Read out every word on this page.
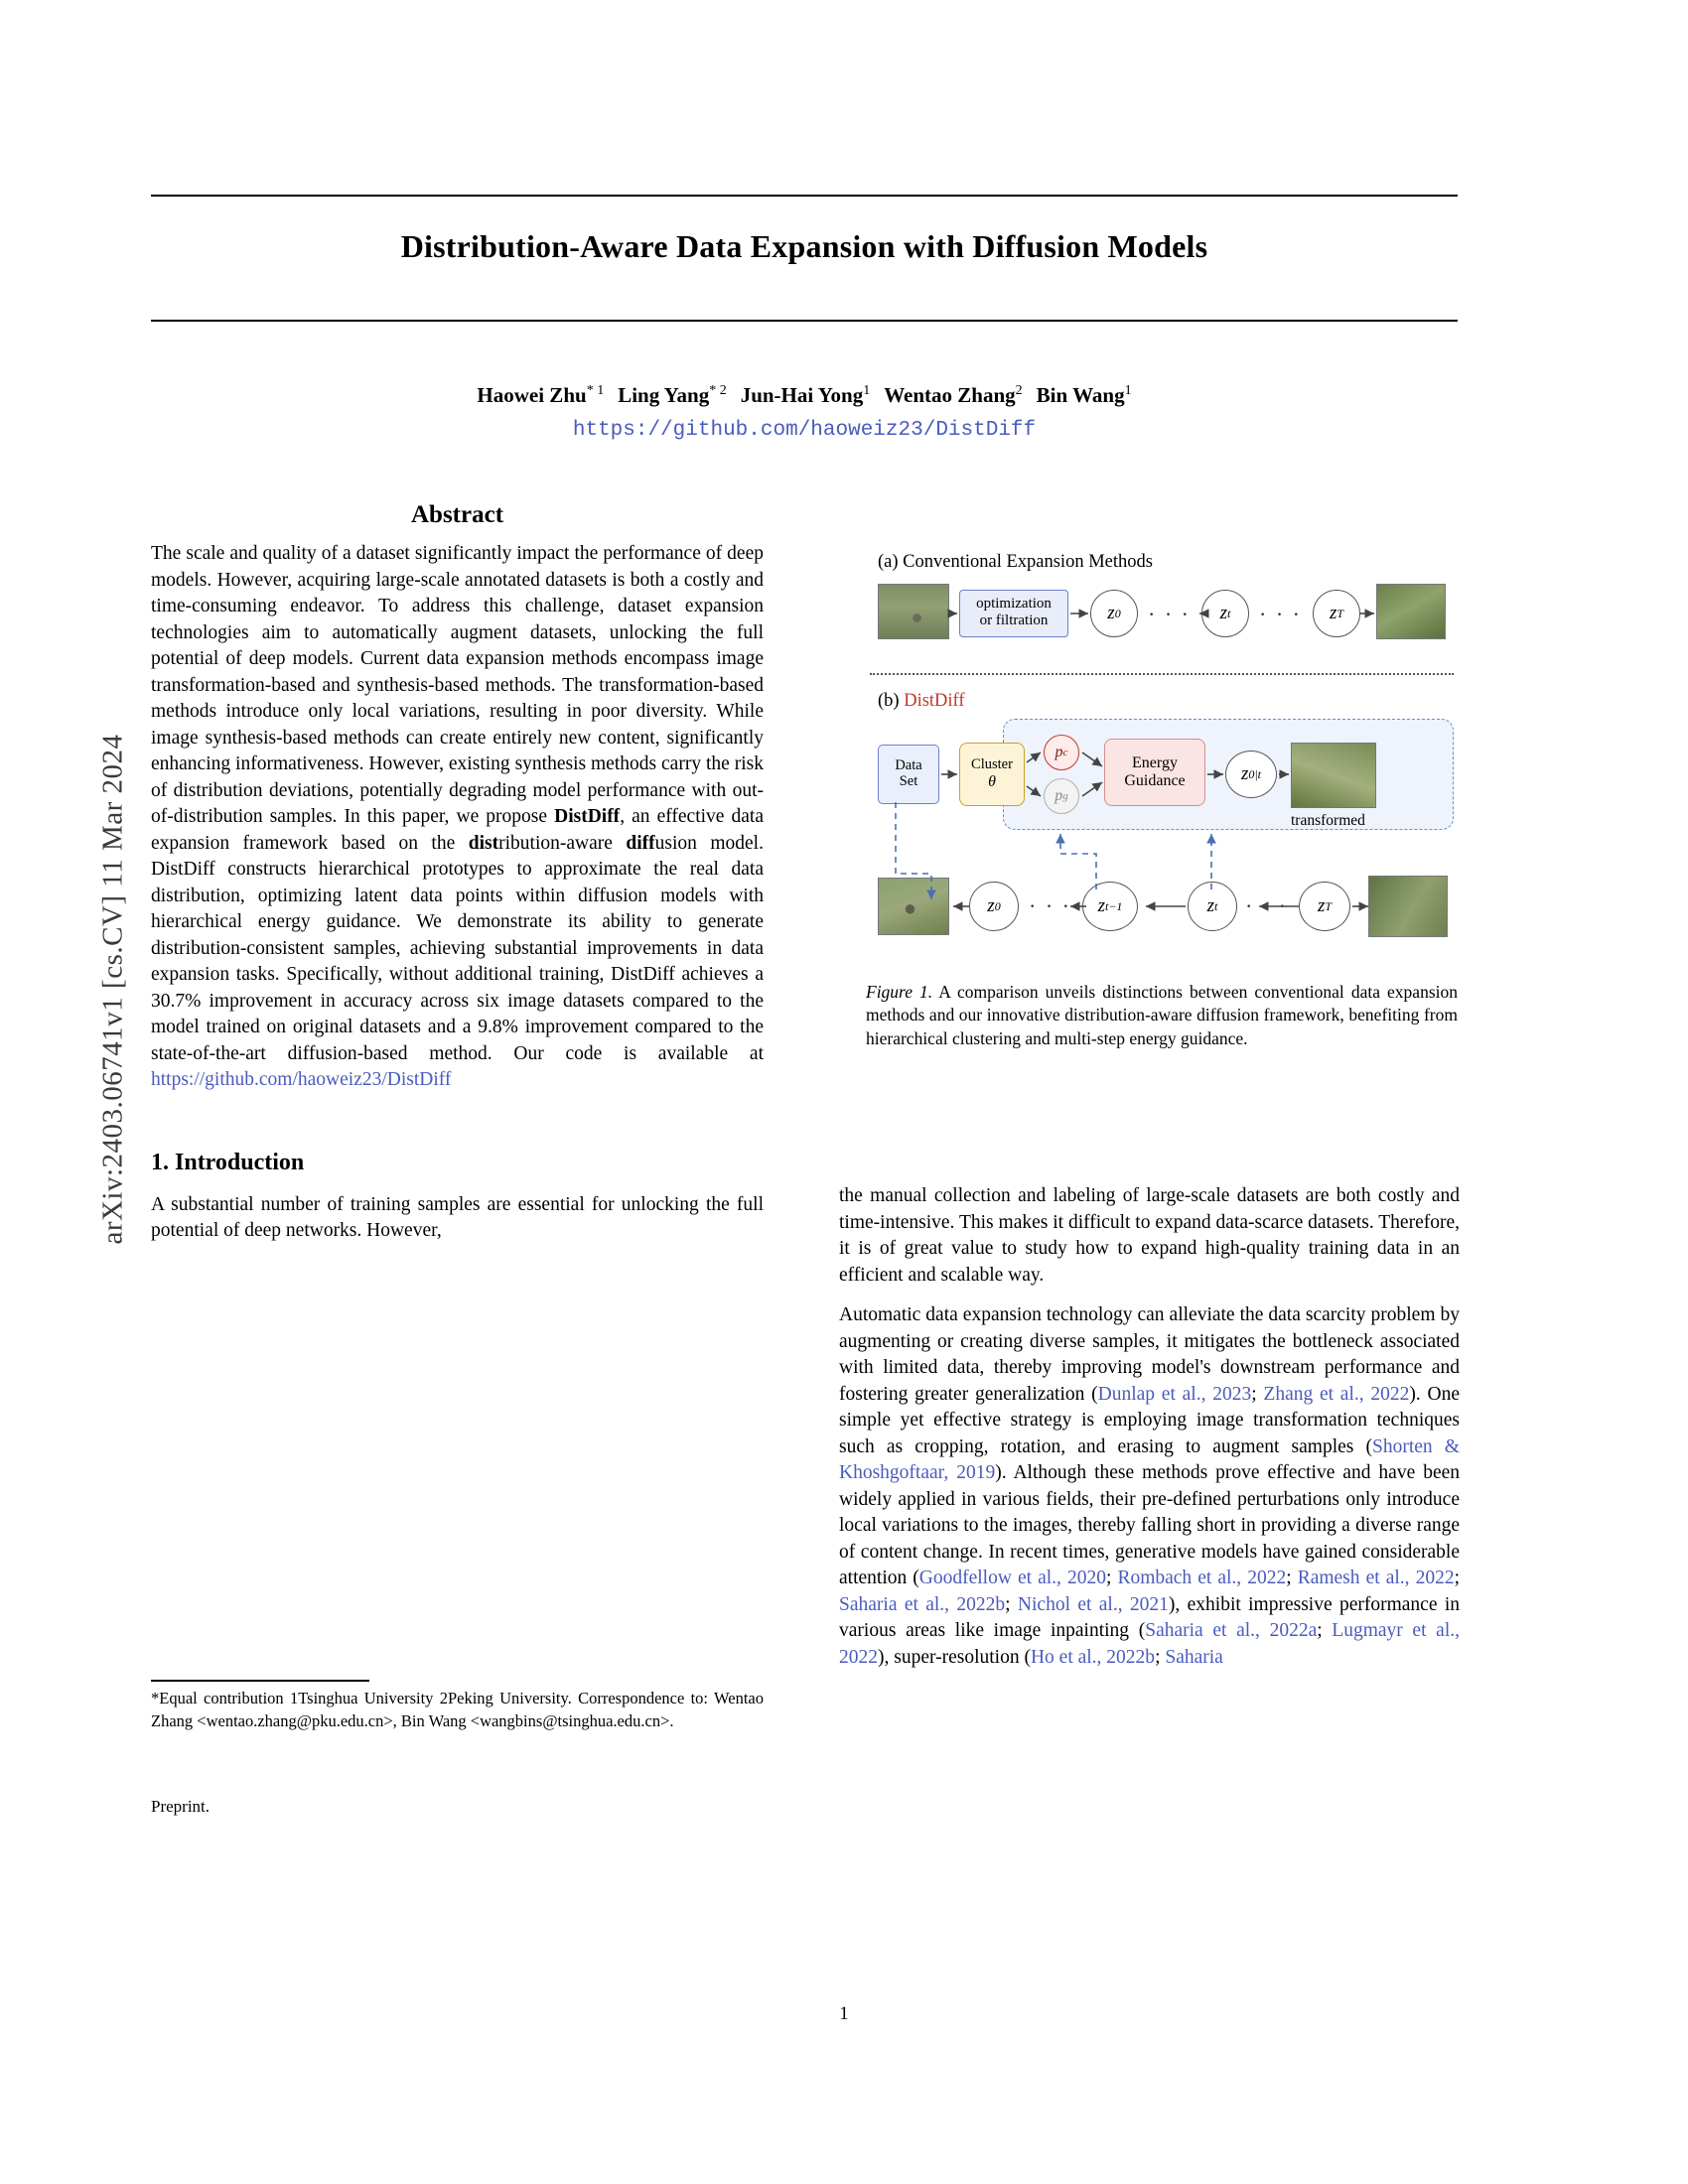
arXiv:2403.06741v1 [cs.CV] 11 Mar 2024
Distribution-Aware Data Expansion with Diffusion Models
Haowei Zhu$^{* 1}$ Ling Yang$^{* 2}$ Jun-Hai Yong$^1$ Wentao Zhang$^2$ Bin Wang$^1$
https://github.com/haoweiz23/DistDiff
Abstract

The scale and quality of a dataset significantly impact the performance of deep models. However, acquiring large-scale annotated datasets is both a costly and time-consuming endeavor. To address this challenge, dataset expansion technologies aim to automatically augment datasets, unlocking the full potential of deep models. Current data expansion methods encompass image transformation-based and synthesis-based methods. The transformation-based methods introduce only local variations, resulting in poor diversity. While image synthesis-based methods can create entirely new content, significantly enhancing informativeness. However, existing synthesis methods carry the risk of distribution deviations, potentially degrading model performance with out-of-distribution samples. In this paper, we propose DistDiff, an effective data expansion framework based on the distribution-aware diffusion model. DistDiff constructs hierarchical prototypes to approximate the real data distribution, optimizing latent data points within diffusion models with hierarchical energy guidance. We demonstrate its ability to generate distribution-consistent samples, achieving substantial improvements in data expansion tasks. Specifically, without additional training, DistDiff achieves a 30.7% improvement in accuracy across six image datasets compared to the model trained on original datasets and a 9.8% improvement compared to the state-of-the-art diffusion-based method. Our code is available at https://github.com/haoweiz23/DistDiff

1. Introduction

A substantial number of training samples are essential for unlocking the full potential of deep networks. However,

*Equal contribution 1Tsinghua University 2Peking University. Correspondence to: Wentao Zhang <wentao.zhang@pku.edu.cn>, Bin Wang <wangbins@tsinghua.edu.cn>.
Preprint.
(a) Conventional Expansion Methods
optimization
or filtration	z 0 · · ·	z t · · ·	z T
(b) DistDiff
Data
Set
Cluster
θ
p c
p g
Energy
Guidance	z 0|t
transformed
z 0 · · ·	z t−1	z t · · ·	z T
Figure 1. A comparison unveils distinctions between conventional data expansion methods and our innovative distribution-aware diffusion framework, benefiting from hierarchical clustering and multi-step energy guidance.

the manual collection and labeling of large-scale datasets are both costly and time-intensive. This makes it difficult to expand data-scarce datasets. Therefore, it is of great value to study how to expand high-quality training data in an efficient and scalable way.

Automatic data expansion technology can alleviate the data scarcity problem by augmenting or creating diverse samples, it mitigates the bottleneck associated with limited data, thereby improving model's downstream performance and fostering greater generalization (Dunlap et al., 2023; Zhang et al., 2022). One simple yet effective strategy is employing image transformation techniques such as cropping, rotation, and erasing to augment samples (Shorten & Khoshgoftaar, 2019). Although these methods prove effective and have been widely applied in various fields, their pre-defined perturbations only introduce local variations to the images, thereby falling short in providing a diverse range of content change. In recent times, generative models have gained considerable attention (Goodfellow et al., 2020; Rombach et al., 2022; Ramesh et al., 2022; Saharia et al., 2022b; Nichol et al., 2021), exhibit impressive performance in various areas like image inpainting (Saharia et al., 2022a; Lugmayr et al., 2022), super-resolution (Ho et al., 2022b; Saharia

1
